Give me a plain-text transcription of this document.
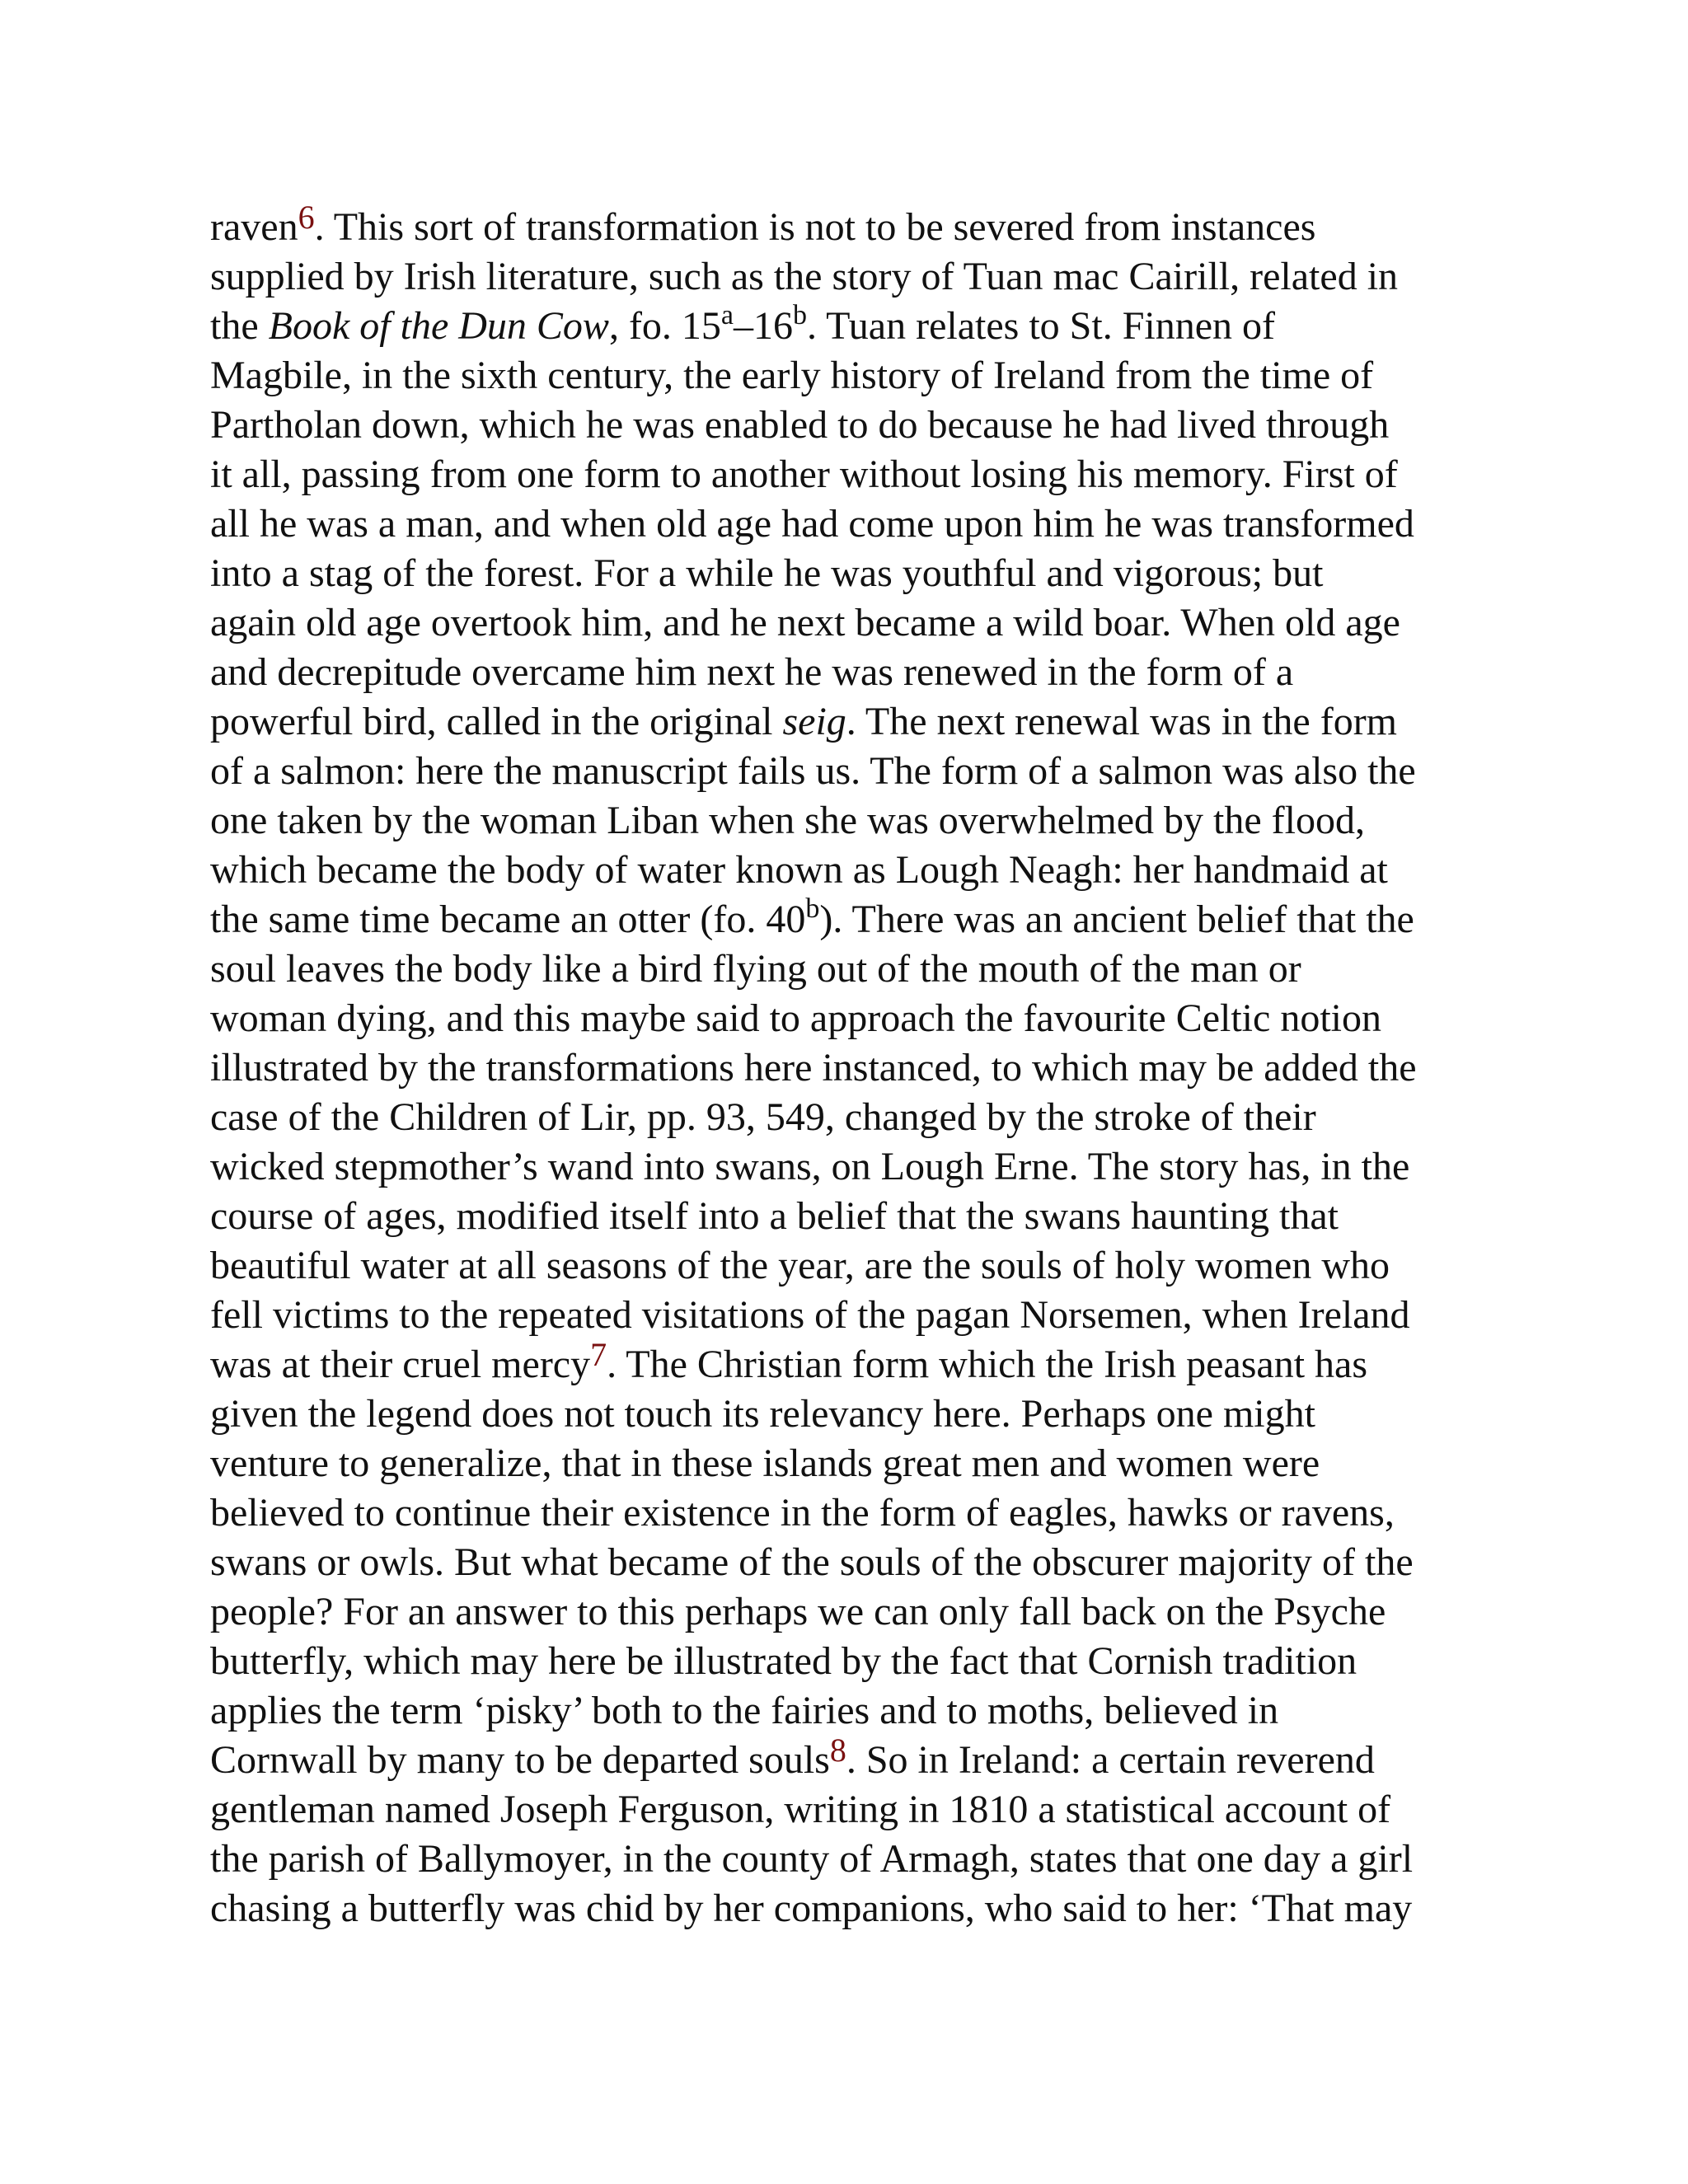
raven$^6$. This sort of transformation is not to be severed from instances
supplied by Irish literature, such as the story of Tuan mac Cairill, related in
the Book of the Dun Cow, fo. 15$^a$–16$^b$. Tuan relates to St. Finnen of
Magbile, in the sixth century, the early history of Ireland from the time of
Partholan down, which he was enabled to do because he had lived through
it all, passing from one form to another without losing his memory. First of
all he was a man, and when old age had come upon him he was transformed
into a stag of the forest. For a while he was youthful and vigorous; but
again old age overtook him, and he next became a wild boar. When old age
and decrepitude overcame him next he was renewed in the form of a
powerful bird, called in the original seig. The next renewal was in the form
of a salmon: here the manuscript fails us. The form of a salmon was also the
one taken by the woman Liban when she was overwhelmed by the flood,
which became the body of water known as Lough Neagh: her handmaid at
the same time became an otter (fo. 40$^b$). There was an ancient belief that the
soul leaves the body like a bird flying out of the mouth of the man or
woman dying, and this maybe said to approach the favourite Celtic notion
illustrated by the transformations here instanced, to which may be added the
case of the Children of Lir, pp. 93, 549, changed by the stroke of their
wicked stepmother’s wand into swans, on Lough Erne. The story has, in the
course of ages, modified itself into a belief that the swans haunting that
beautiful water at all seasons of the year, are the souls of holy women who
fell victims to the repeated visitations of the pagan Norsemen, when Ireland
was at their cruel mercy$^7$. The Christian form which the Irish peasant has
given the legend does not touch its relevancy here. Perhaps one might
venture to generalize, that in these islands great men and women were
believed to continue their existence in the form of eagles, hawks or ravens,
swans or owls. But what became of the souls of the obscurer majority of the
people? For an answer to this perhaps we can only fall back on the Psyche
butterfly, which may here be illustrated by the fact that Cornish tradition
applies the term ‘pisky’ both to the fairies and to moths, believed in
Cornwall by many to be departed souls$^8$. So in Ireland: a certain reverend
gentleman named Joseph Ferguson, writing in 1810 a statistical account of
the parish of Ballymoyer, in the county of Armagh, states that one day a girl
chasing a butterfly was chid by her companions, who said to her: ‘That may
